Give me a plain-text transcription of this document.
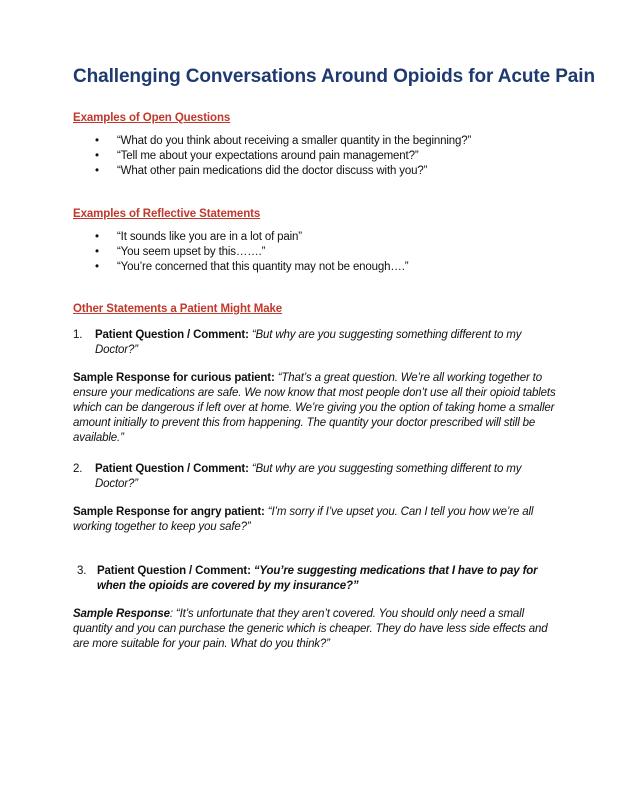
Challenging Conversations Around Opioids for Acute Pain
Examples of Open Questions
• “What do you think about receiving a smaller quantity in the beginning?”
• “Tell me about your expectations around pain management?”
• “What other pain medications did the doctor discuss with you?”
Examples of Reflective Statements
• “It sounds like you are in a lot of pain”
• “You seem upset by this…….”
• “You’re concerned that this quantity may not be enough….”
Other Statements a Patient Might Make
1.	Patient Question / Comment: “But why are you suggesting something different to my Doctor?”

Sample Response for curious patient: “That’s a great question. We’re all working together to ensure your medications are safe. We now know that most people don’t use all their opioid tablets which can be dangerous if left over at home. We’re giving you the option of taking home a smaller amount initially to prevent this from happening. The quantity your doctor prescribed will still be available.”

2.	Patient Question / Comment: “But why are you suggesting something different to my Doctor?”

Sample Response for angry patient: “I’m sorry if I’ve upset you. Can I tell you how we’re all working together to keep you safe?”

3. Patient Question / Comment: “You’re suggesting medications that I have to pay for when the opioids are covered by my insurance?”

Sample Response: “It’s unfortunate that they aren’t covered. You should only need a small quantity and you can purchase the generic which is cheaper. They do have less side effects and are more suitable for your pain. What do you think?”
